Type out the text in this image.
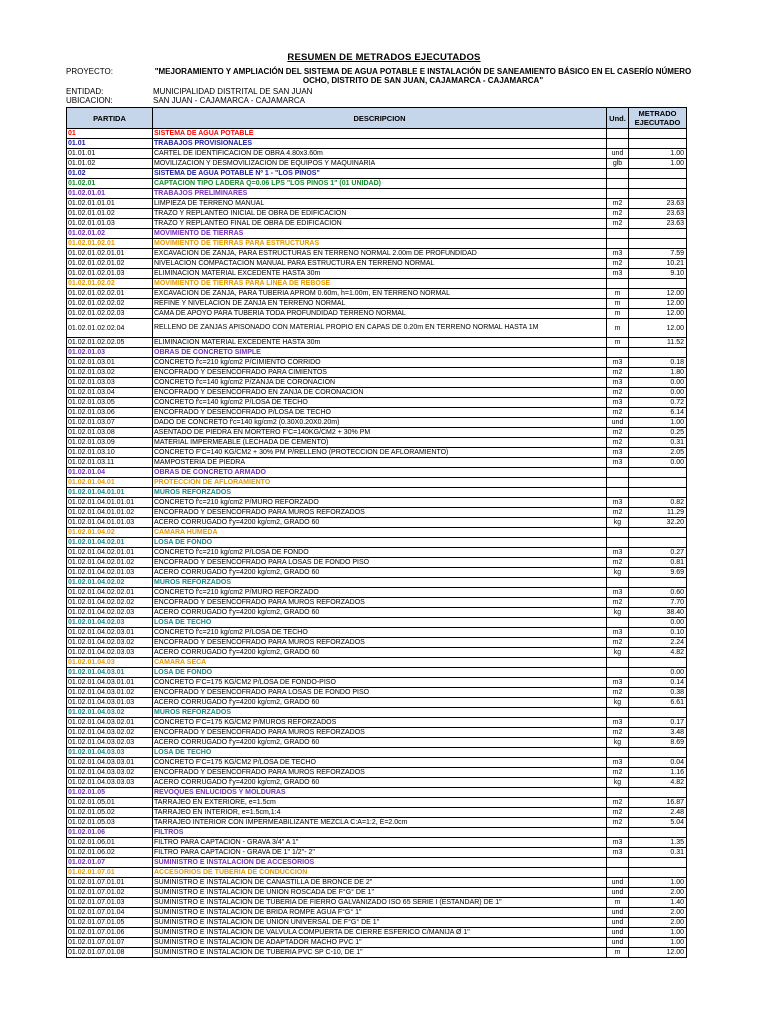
RESUMEN DE METRADOS EJECUTADOS
PROYECTO:	"MEJORAMIENTO Y AMPLIACIÓN DEL SISTEMA DE AGUA POTABLE E INSTALACIÓN DE SANEAMIENTO BÁSICO EN EL CASERÍO NÚMERO OCHO, DISTRITO DE SAN JUAN, CAJAMARCA - CAJAMARCA"
ENTIDAD:	MUNICIPALIDAD DISTRITAL DE SAN JUAN
UBICACION:	SAN JUAN - CAJAMARCA - CAJAMARCA
PARTIDA	DESCRIPCION	Und.	METRADO EJECUTADO
01	SISTEMA DE AGUA POTABLE		
01.01	TRABAJOS PROVISIONALES		
01.01.01	CARTEL DE IDENTIFICACION DE OBRA 4.80x3.60m	und	1.00
01.01.02	MOVILIZACION Y DESMOVILIZACION DE EQUIPOS Y MAQUINARIA	glb	1.00
01.02	SISTEMA DE AGUA POTABLE Nº 1 - "LOS PINOS"		
01.02.01	CAPTACION TIPO LADERA Q=0.06 LPS "LOS PINOS 1" (01 UNIDAD)		
01.02.01.01	TRABAJOS PRELIMINARES		
01.02.01.01.01	LIMPIEZA DE TERRENO MANUAL	m2	23.63
01.02.01.01.02	TRAZO Y REPLANTEO INICIAL DE OBRA DE EDIFICACION	m2	23.63
01.02.01.01.03	TRAZO Y REPLANTEO FINAL DE OBRA DE EDIFICACION	m2	23.63
01.02.01.02	MOVIMIENTO DE TIERRAS		
01.02.01.02.01	MOVIMIENTO DE TIERRAS PARA ESTRUCTURAS		
01.02.01.02.01.01	EXCAVACION DE ZANJA, PARA ESTRUCTURAS EN TERRENO NORMAL 2.00m DE PROFUNDIDAD	m3	7.59
01.02.01.02.01.02	NIVELACION COMPACTACION MANUAL PARA ESTRUCTURA EN TERRENO NORMAL	m2	10.21
01.02.01.02.01.03	ELIMINACION MATERIAL EXCEDENTE HASTA 30m	m3	9.10
01.02.01.02.02	MOVIMIENTO DE TIERRAS PARA LINEA DE REBOSE		
01.02.01.02.02.01	EXCAVACION DE ZANJA, PARA TUBERIA APROM 0.60m, h=1.00m, EN TERRENO NORMAL	m	12.00
01.02.01.02.02.02	REFINE Y NIVELACION DE ZANJA EN TERRENO NORMAL	m	12.00
01.02.01.02.02.03	CAMA DE APOYO PARA TUBERIA TODA PROFUNDIDAD TERRENO NORMAL	m	12.00
01.02.01.02.02.04	RELLENO DE ZANJAS APISONADO CON MATERIAL PROPIO EN CAPAS DE 0.20m EN TERRENO NORMAL HASTA 1M	m	12.00
01.02.01.02.02.05	ELIMINACION MATERIAL EXCEDENTE HASTA 30m	m	11.52
01.02.01.03	OBRAS DE CONCRETO SIMPLE		
01.02.01.03.01	CONCRETO f'c=210 kg/cm2 P/CIMIENTO CORRIDO	m3	0.18
01.02.01.03.02	ENCOFRADO Y DESENCOFRADO PARA CIMIENTOS	m2	1.80
01.02.01.03.03	CONCRETO f'c=140 kg/cm2 P/ZANJA DE CORONACION	m3	0.00
01.02.01.03.04	ENCOFRADO Y DESENCOFRADO EN ZANJA DE CORONACION	m2	0.00
01.02.01.03.05	CONCRETO f'c=140 kg/cm2 P/LOSA DE TECHO	m3	0.72
01.02.01.03.06	ENCOFRADO Y DESENCOFRADO P/LOSA DE TECHO	m2	6.14
01.02.01.03.07	DADO DE CONCRETO f'c=140 kg/cm2 (0.30X0.20X0.20m)	und	1.00
01.02.01.03.08	ASENTADO DE PIEDRA EN MORTERO F'C=140KG/CM2 + 30% PM	m2	0.25
01.02.01.03.09	MATERIAL IMPERMEABLE (LECHADA DE CEMENTO)	m2	0.31
01.02.01.03.10	CONCRETO F'C=140 KG/CM2 + 30% PM P/RELLENO (PROTECCION DE AFLORAMIENTO)	m3	2.05
01.02.01.03.11	MAMPOSTERIA DE PIEDRA	m3	0.00
01.02.01.04	OBRAS DE CONCRETO ARMADO		
01.02.01.04.01	PROTECCION DE AFLORAMIENTO		
01.02.01.04.01.01	MUROS REFORZADOS		
01.02.01.04.01.01.01	CONCRETO f'c=210 kg/cm2 P/MURO REFORZADO	m3	0.82
01.02.01.04.01.01.02	ENCOFRADO Y DESENCOFRADO PARA MUROS REFORZADOS	m2	11.29
01.02.01.04.01.01.03	ACERO CORRUGADO f'y=4200 kg/cm2, GRADO 60	kg	32.20
01.02.01.04.02	CAMARA HUMEDA		
01.02.01.04.02.01	LOSA DE FONDO		
01.02.01.04.02.01.01	CONCRETO f'c=210 kg/cm2 P/LOSA DE FONDO	m3	0.27
01.02.01.04.02.01.02	ENCOFRADO Y DESENCOFRADO PARA LOSAS DE FONDO PISO	m2	0.81
01.02.01.04.02.01.03	ACERO CORRUGADO f'y=4200 kg/cm2, GRADO 60	kg	9.69
01.02.01.04.02.02	MUROS REFORZADOS		
01.02.01.04.02.02.01	CONCRETO f'c=210 kg/cm2 P/MURO REFORZADO	m3	0.60
01.02.01.04.02.02.02	ENCOFRADO Y DESENCOFRADO PARA MUROS REFORZADOS	m2	7.70
01.02.01.04.02.02.03	ACERO CORRUGADO f'y=4200 kg/cm2, GRADO 60	kg	38.40
01.02.01.04.02.03	LOSA DE TECHO		0.00
01.02.01.04.02.03.01	CONCRETO f'c=210 kg/cm2 P/LOSA DE TECHO	m3	0.10
01.02.01.04.02.03.02	ENCOFRADO Y DESENCOFRADO PARA MUROS REFORZADOS	m2	2.24
01.02.01.04.02.03.03	ACERO CORRUGADO f'y=4200 kg/cm2, GRADO 60	kg	4.82
01.02.01.04.03	CAMARA SECA		
01.02.01.04.03.01	LOSA DE FONDO		0.00
01.02.01.04.03.01.01	CONCRETO F'C=175 KG/CM2 P/LOSA DE FONDO-PISO	m3	0.14
01.02.01.04.03.01.02	ENCOFRADO Y DESENCOFRADO PARA LOSAS DE FONDO PISO	m2	0.38
01.02.01.04.03.01.03	ACERO CORRUGADO f'y=4200 kg/cm2, GRADO 60	kg	6.61
01.02.01.04.03.02	MUROS REFORZADOS		
01.02.01.04.03.02.01	CONCRETO F'C=175 KG/CM2 P/MUROS REFORZADOS	m3	0.17
01.02.01.04.03.02.02	ENCOFRADO Y DESENCOFRADO PARA MUROS REFORZADOS	m2	3.48
01.02.01.04.03.02.03	ACERO CORRUGADO f'y=4200 kg/cm2, GRADO 60	kg	8.69
01.02.01.04.03.03	LOSA DE TECHO		
01.02.01.04.03.03.01	CONCRETO F'C=175 KG/CM2 P/LOSA DE TECHO	m3	0.04
01.02.01.04.03.03.02	ENCOFRADO Y DESENCOFRADO PARA MUROS REFORZADOS	m2	1.16
01.02.01.04.03.03.03	ACERO CORRUGADO f'y=4200 kg/cm2, GRADO 60	kg	4.82
01.02.01.05	REVOQUES ENLUCIDOS Y MOLDURAS		
01.02.01.05.01	TARRAJEO EN EXTERIORE, e=1.5cm	m2	16.87
01.02.01.05.02	TARRAJEO EN INTERIOR, e=1.5cm,1:4	m2	2.48
01.02.01.05.03	TARRAJEO INTERIOR CON IMPERMEABILIZANTE MEZCLA C:A=1:2, E=2.0cm	m2	5.04
01.02.01.06	FILTROS		
01.02.01.06.01	FILTRO PARA CAPTACION - GRAVA 3/4" A 1"	m3	1.35
01.02.01.06.02	FILTRO PARA CAPTACION - GRAVA DE 1" 1/2"- 2"	m3	0.31
01.02.01.07	SUMINISTRO E INSTALACION DE ACCESORIOS		
01.02.01.07.01	ACCESORIOS DE TUBERIA DE CONDUCCION		
01.02.01.07.01.01	SUMINISTRO E INSTALACION DE CANASTILLA DE BRONCE DE 2"	und	1.00
01.02.01.07.01.02	SUMINISTRO E INSTALACION DE UNION ROSCADA DE F°G° DE 1"	und	2.00
01.02.01.07.01.03	SUMINISTRO E INSTALACION DE TUBERIA DE FIERRO GALVANIZADO ISO 65 SERIE I (ESTANDAR) DE 1"	m	1.40
01.02.01.07.01.04	SUMINISTRO E INSTALACION DE BRIDA ROMPE AGUA F°G° 1"	und	2.00
01.02.01.07.01.05	SUMINISTRO E INSTALACION DE UNION UNIVERSAL DE F°G° DE 1"	und	2.00
01.02.01.07.01.06	SUMINISTRO E INSTALACION DE VALVULA COMPUERTA DE CIERRE ESFERICO C/MANIJA Ø 1"	und	1.00
01.02.01.07.01.07	SUMINISTRO E INSTALACION DE ADAPTADOR MACHO PVC 1"	und	1.00
01.02.01.07.01.08	SUMINISTRO E INSTALACION DE TUBERIA PVC SP C-10, DE 1"	m	12.00
